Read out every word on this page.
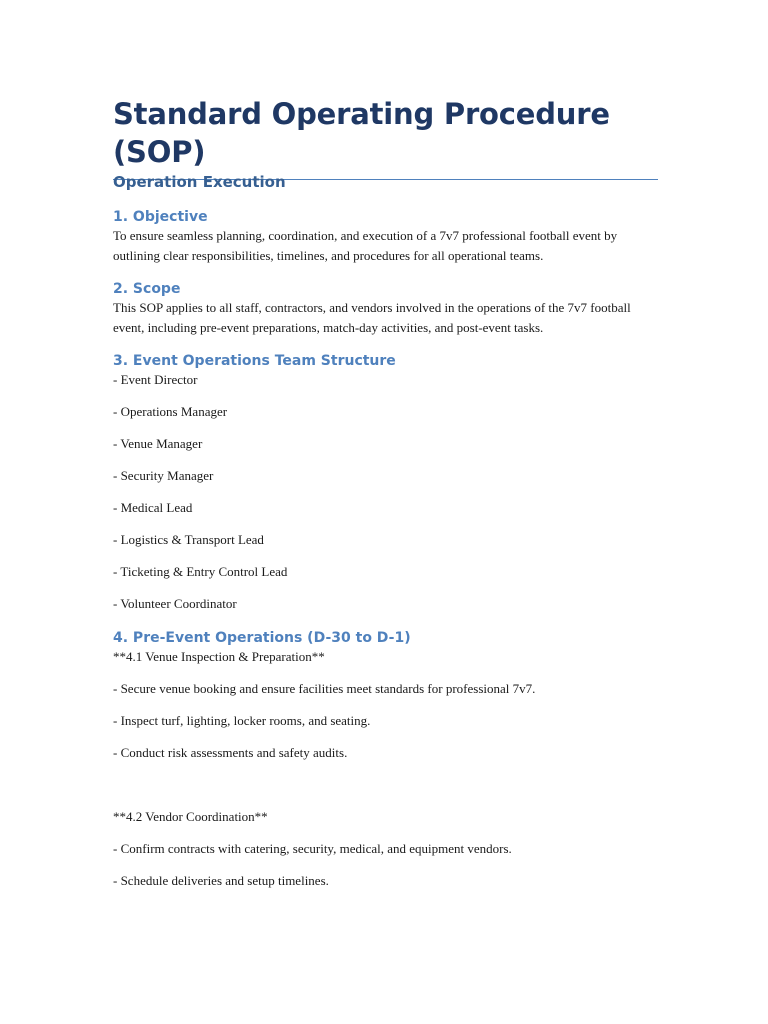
Standard Operating Procedure (SOP)
Operation Execution
1. Objective

To ensure seamless planning, coordination, and execution of a 7v7 professional football event by outlining clear responsibilities, timelines, and procedures for all operational teams.

2. Scope

This SOP applies to all staff, contractors, and vendors involved in the operations of the 7v7 football event, including pre-event preparations, match-day activities, and post-event tasks.

3. Event Operations Team Structure

- Event Director

- Operations Manager

- Venue Manager

- Security Manager

- Medical Lead

- Logistics & Transport Lead

- Ticketing & Entry Control Lead

- Volunteer Coordinator

4. Pre-Event Operations (D-30 to D-1)

**4.1 Venue Inspection & Preparation**

- Secure venue booking and ensure facilities meet standards for professional 7v7.

- Inspect turf, lighting, locker rooms, and seating.

- Conduct risk assessments and safety audits.

**4.2 Vendor Coordination**

- Confirm contracts with catering, security, medical, and equipment vendors.

- Schedule deliveries and setup timelines.
